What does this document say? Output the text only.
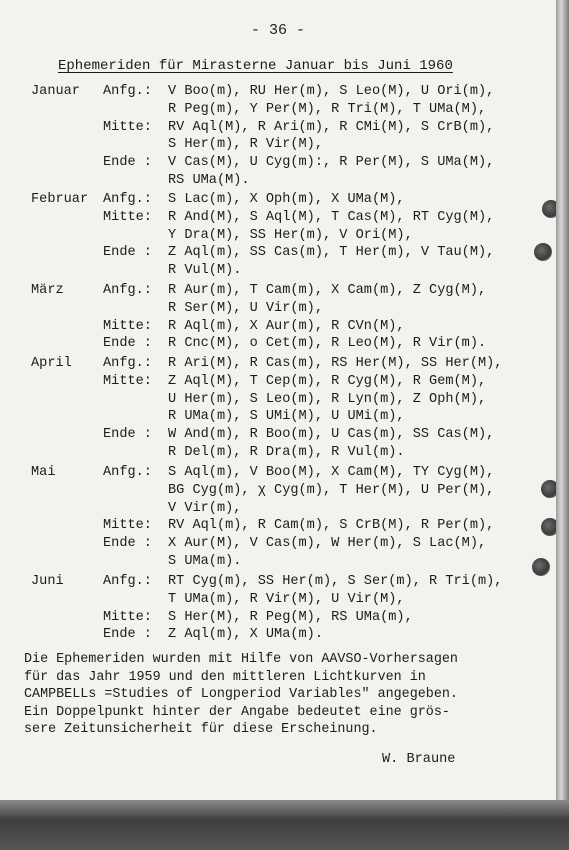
- 36 -
Ephemeriden für Mirasterne Januar bis Juni 1960
Januar Anfg.: V Boo(m), RU Her(m), S Leo(M), U Ori(m),
R Peg(m), Y Per(M), R Tri(M), T UMa(M),
Mitte: RV Aql(M), R Ari(m), R CMi(M), S CrB(m),
S Her(m), R Vir(M),
Ende : V Cas(M), U Cyg(m):, R Per(M), S UMa(M),
RS UMa(M).
Februar Anfg.: S Lac(m), X Oph(m), X UMa(M),
Mitte: R And(M), S Aql(M), T Cas(M), RT Cyg(M),
Y Dra(M), SS Her(m), V Ori(M),
Ende : Z Aql(m), SS Cas(m), T Her(m), V Tau(M),
R Vul(M).
März	Anfg.: R Aur(m), T Cam(m), X Cam(m), Z Cyg(M),
R Ser(M), U Vir(m),
Mitte: R Aql(m), X Aur(m), R CVn(M),
Ende : R Cnc(M), o Cet(m), R Leo(M), R Vir(m).
April Anfg.: R Ari(M), R Cas(m), RS Her(M), SS Her(M),
Mitte: Z Aql(M), T Cep(m), R Cyg(M), R Gem(M),
U Her(m), S Leo(m), R Lyn(m), Z Oph(M),
R UMa(m), S UMi(M), U UMi(m),
Ende : W And(m), R Boo(m), U Cas(m), SS Cas(M),
R Del(m), R Dra(m), R Vul(m).
Mai	Anfg.: S Aql(m), V Boo(M), X Cam(M), TY Cyg(M),
BG Cyg(m), χ Cyg(m), T Her(M), U Per(M),
V Vir(m),
Mitte: RV Aql(m), R Cam(m), S CrB(M), R Per(m),
Ende : X Aur(M), V Cas(m), W Her(m), S Lac(M),
S UMa(m).
Juni	Anfg.: RT Cyg(m), SS Her(m), S Ser(m), R Tri(m),
T UMa(m), R Vir(M), U Vir(M),
Mitte: S Her(M), R Peg(M), RS UMa(m),
Ende : Z Aql(m), X UMa(m).
Die Ephemeriden wurden mit Hilfe von AAVSO-Vorhersagen
für das Jahr 1959 und den mittleren Lichtkurven in
CAMPBELLs =Studies of Longperiod Variables" angegeben.
Ein Doppelpunkt hinter der Angabe bedeutet eine grös-
sere Zeitunsicherheit für diese Erscheinung.
W. Braune
